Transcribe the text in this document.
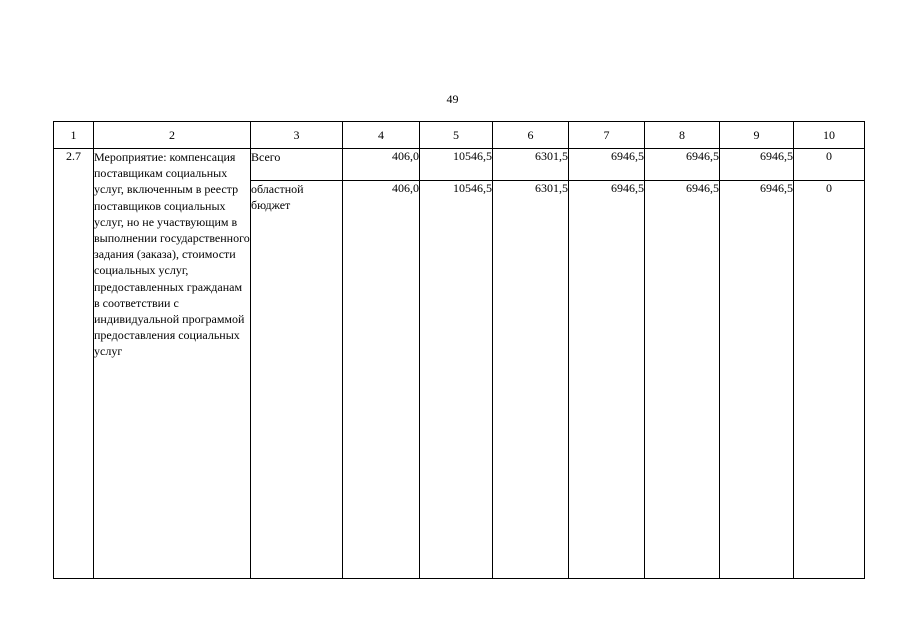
49
1	2	3	4	5	6	7	8	9	10
2.7	Мероприятие: компенсация поставщикам социальных услуг, включенным в реестр поставщиков социальных услуг, но не участвующим в выполнении государственного задания (заказа), стоимости социальных услуг, предоставленных гражданам в соответствии с индивидуальной программой предоставления социальных услуг	Всего	406,0	10546,5	6301,5	6946,5	6946,5	6946,5	0
		областной бюджет	406,0	10546,5	6301,5	6946,5	6946,5	6946,5	0
